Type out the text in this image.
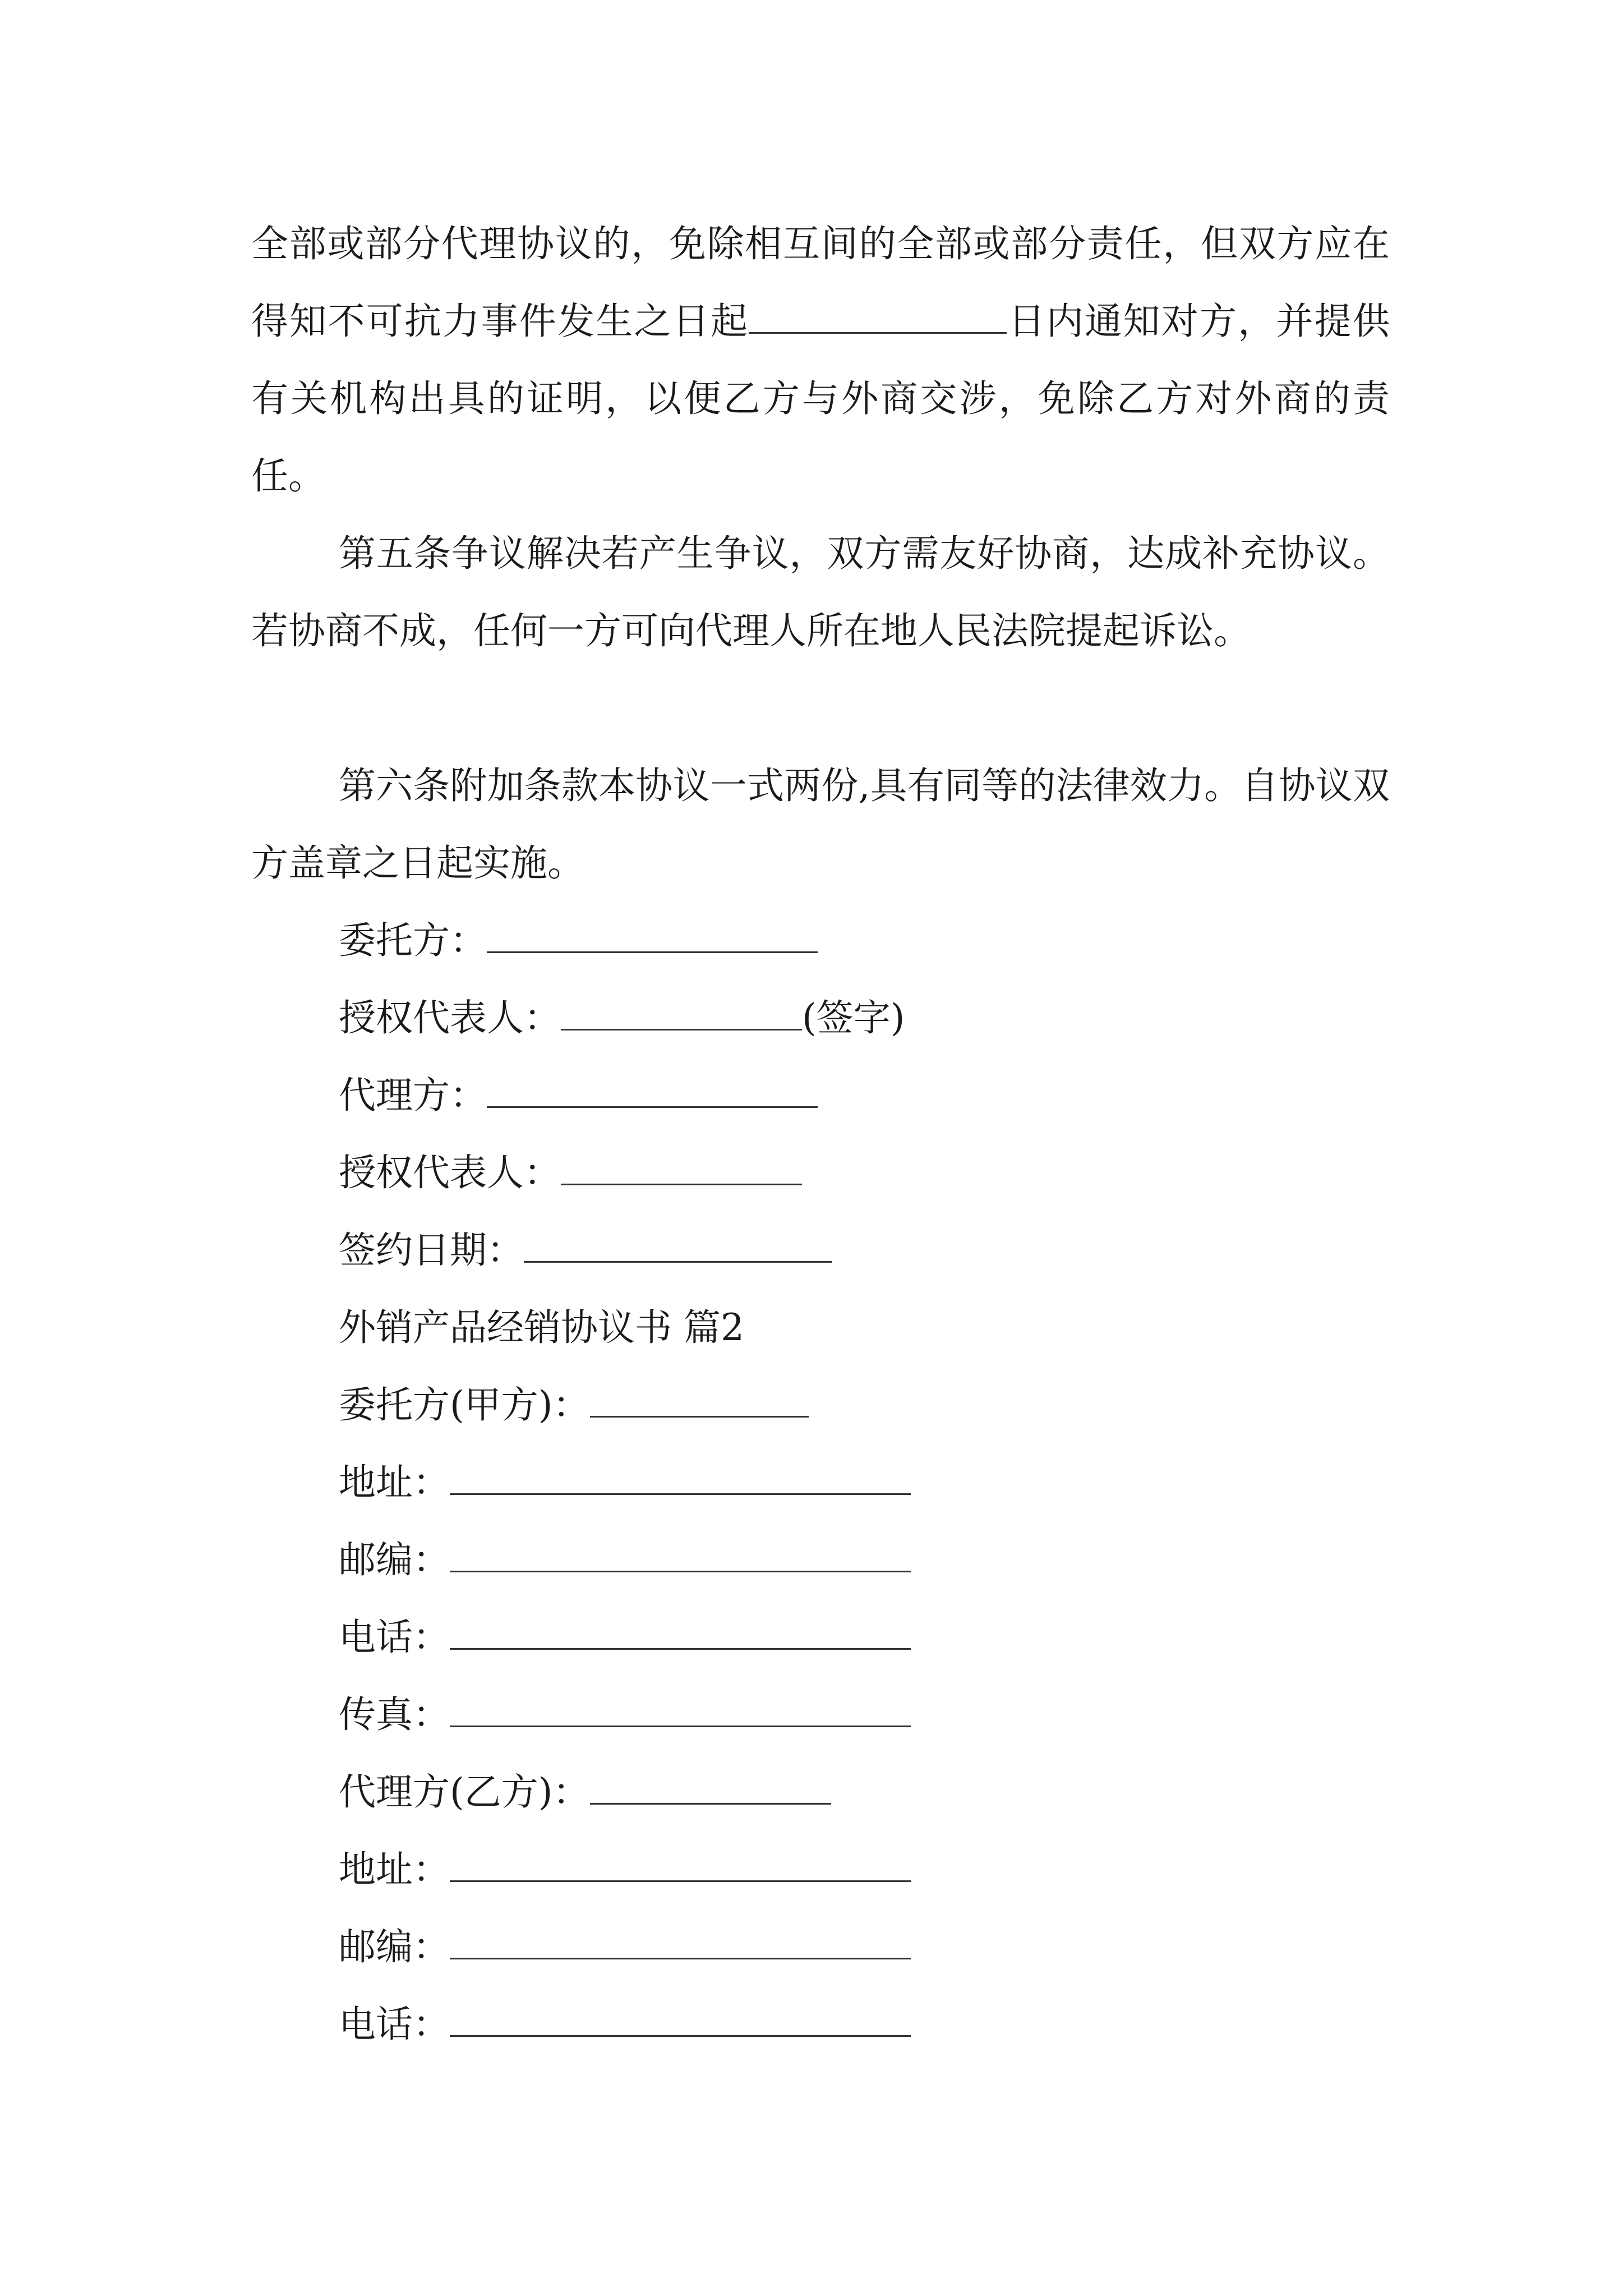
全部或部分代理协议的，免除相互间的全部或部分责任，但双方应在得知不可抗力事件发生之日起	日内通知对方，并提供有关机构出具的证明，以便乙方与外商交涉，免除乙方对外商的责任。

第五条争议解决若产生争议，双方需友好协商，达成补充协议。若协商不成，任何一方可向代理人所在地人民法院提起诉讼。

第六条附加条款本协议一式两份,具有同等的法律效力。自协议双方盖章之日起实施。

委托方：
授权代表人：	(签字)
代理方：
授权代表人：
签约日期：
外销产品经销协议书 篇2
委托方(甲方)：
地址：
邮编：
电话：
传真：
代理方(乙方)：
地址：
邮编：
电话：
